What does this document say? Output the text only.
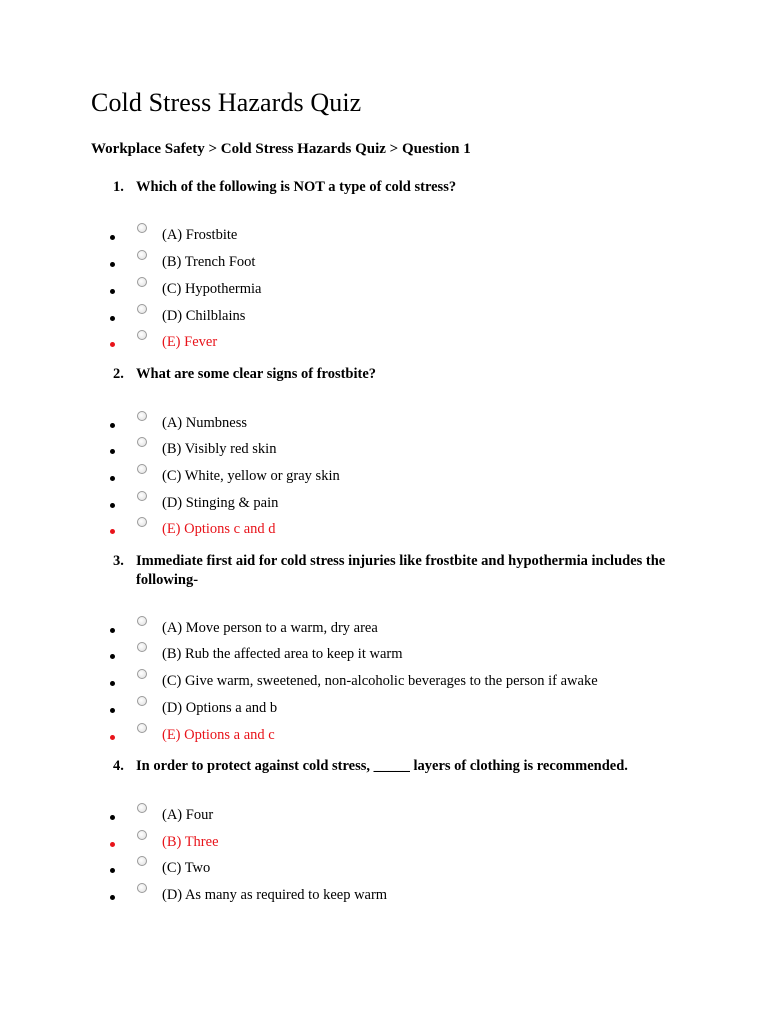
Cold Stress Hazards Quiz
Workplace Safety > Cold Stress Hazards Quiz > Question 1
1. Which of the following is NOT a type of cold stress?
(A) Frostbite
(B) Trench Foot
(C) Hypothermia
(D) Chilblains
(E) Fever
2. What are some clear signs of frostbite?
(A) Numbness
(B) Visibly red skin
(C) White, yellow or gray skin
(D) Stinging & pain
(E) Options c and d
3. Immediate first aid for cold stress injuries like frostbite and hypothermia includes the following-
(A) Move person to a warm, dry area
(B) Rub the affected area to keep it warm
(C) Give warm, sweetened, non-alcoholic beverages to the person if awake
(D) Options a and b
(E) Options a and c
4. In order to protect against cold stress, _____ layers of clothing is recommended.
(A) Four
(B) Three
(C) Two
(D) As many as required to keep warm
